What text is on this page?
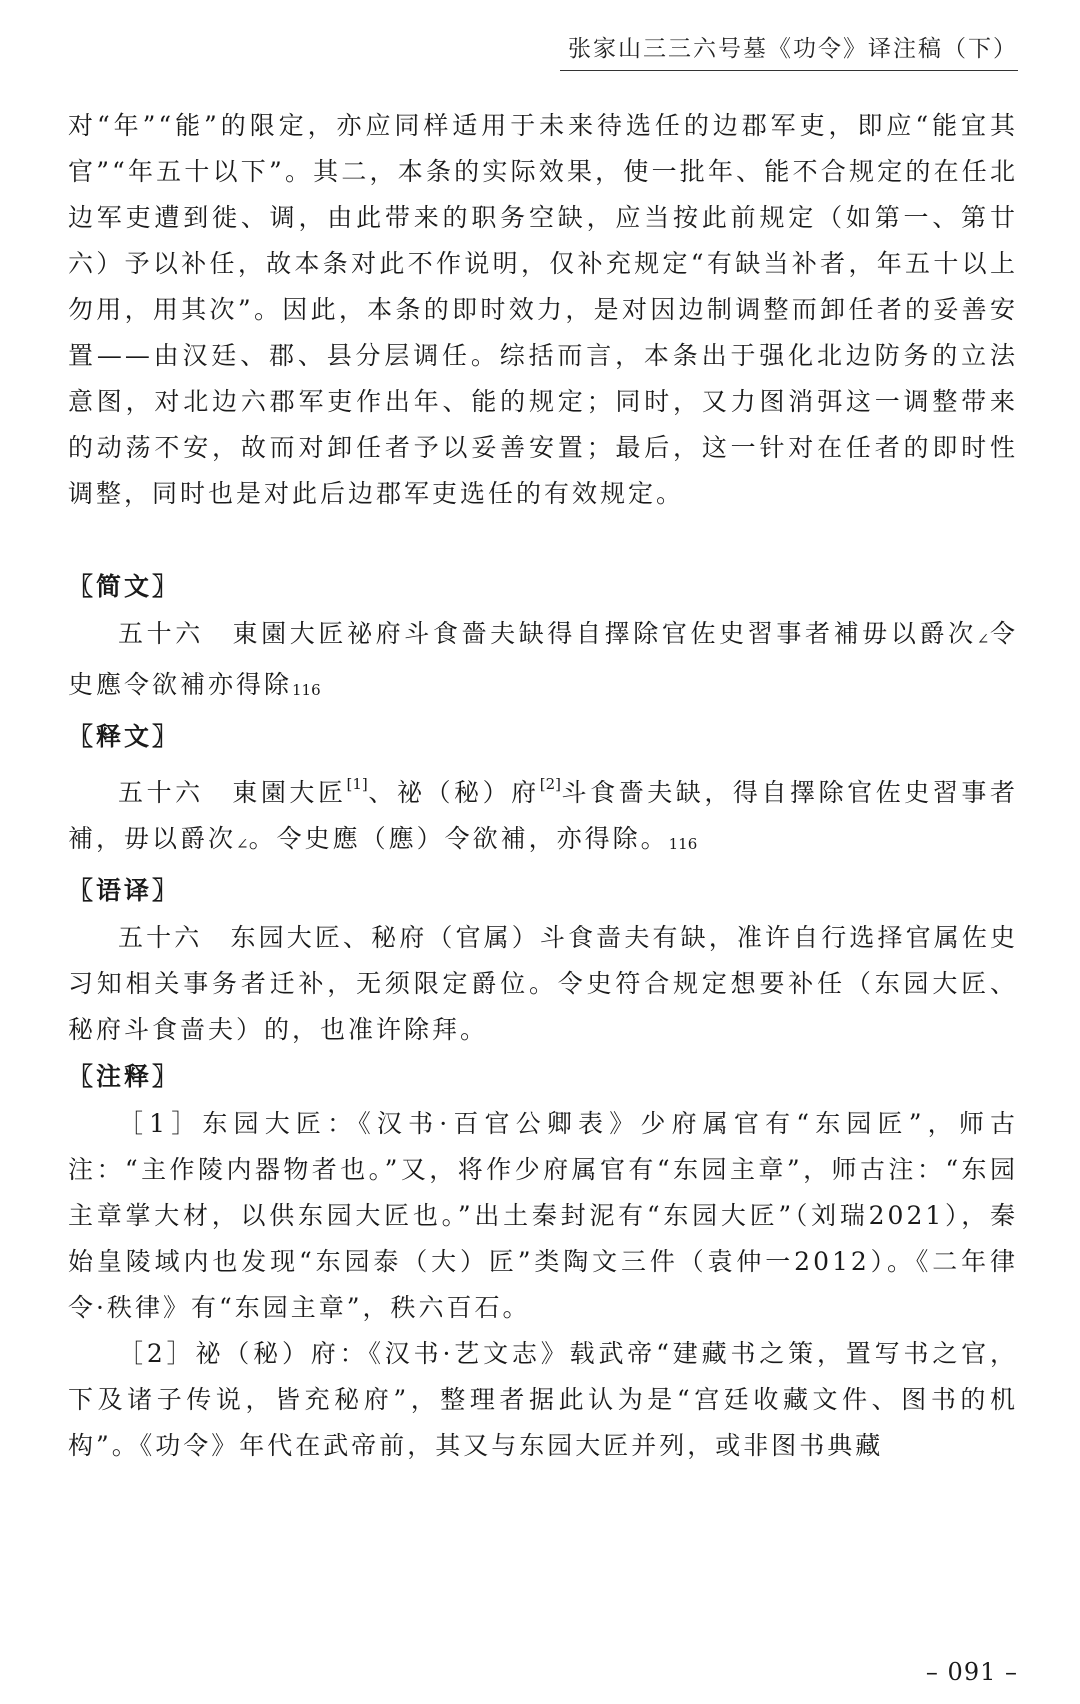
张家山三三六号墓《功令》译注稿（下）

对“年”“能”的限定，亦应同样适用于未来待选任的边郡军吏，即应“能宜其官”“年五十以下”。其二，本条的实际效果，使一批年、能不合规定的在任北边军吏遭到徙、调，由此带来的职务空缺，应当按此前规定（如第一、第廿六）予以补任，故本条对此不作说明，仅补充规定“有缺当补者，年五十以上勿用，用其次”。因此，本条的即时效力，是对因边制调整而卸任者的妥善安置——由汉廷、郡、县分层调任。综括而言，本条出于强化北边防务的立法意图，对北边六郡军吏作出年、能的规定；同时，又力图消弭这一调整带来的动荡不安，故而对卸任者予以妥善安置；最后，这一针对在任者的即时性调整，同时也是对此后边郡军吏选任的有效规定。

〖简文〗

五十六　東園大匠祕府斗食嗇夫缺得自擇除官佐史習事者補毋以爵次∠令史應令欲補亦得除116

〖释文〗

五十六　東園大匠[1]、祕（秘）府[2]斗食嗇夫缺，得自擇除官佐史習事者補，毋以爵次∠。令史應（應）令欲補，亦得除。116

〖语译〗

五十六　东园大匠、秘府（官属）斗食啬夫有缺，准许自行选择官属佐史习知相关事务者迁补，无须限定爵位。令史符合规定想要补任（东园大匠、秘府斗食啬夫）的，也准许除拜。

〖注释〗

［1］东园大匠：《汉书·百官公卿表》少府属官有“东园匠”，师古注：“主作陵内器物者也。”又，将作少府属官有“东园主章”，师古注：“东园主章掌大材，以供东园大匠也。”出土秦封泥有“东园大匠”（刘瑞2021），秦始皇陵域内也发现“东园泰（大）匠”类陶文三件（袁仲一2012）。《二年律令·秩律》有“东园主章”，秩六百石。

［2］祕（秘）府：《汉书·艺文志》载武帝“建藏书之策，置写书之官，下及诸子传说，皆充秘府”，整理者据此认为是“宫廷收藏文件、图书的机构”。《功令》年代在武帝前，其又与东园大匠并列，或非图书典藏

– 091 –
